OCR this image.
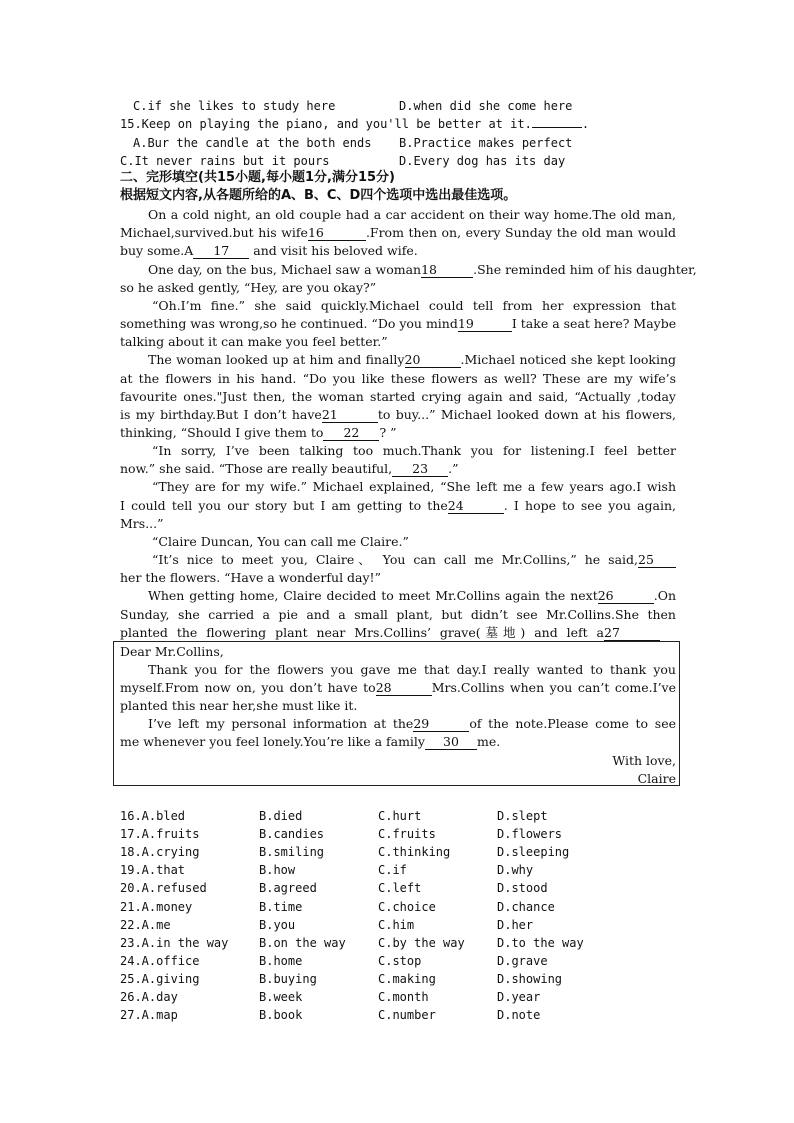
C.if she likes to study here	D.when did she come here
15.Keep on playing the piano, and you'll be better at it.	.
A.Bur the candle at the both ends B.Practice makes perfect
C.It never rains but it pours	D.Every dog has its day
二、完形填空(共15小题,每小题1分,满分15分)
根据短文内容,从各题所给的A、B、C、D四个选项中选出最佳选项。
On a cold night, an old couple had a car accident on their way home.The old man,
Michael,survived.but his wife16	.From then on, every Sunday the old man would
buy some.A 17 and visit his beloved wife.
One day, on the bus, Michael saw a woman18	.She reminded him of his daughter,
so he asked gently, “Hey, are you okay?”
“Oh.I’m fine.” she said quickly.Michael could tell from her expression that
something was wrong,so he continued. “Do you mind19	I take a seat here? Maybe
talking about it can make you feel better.”
The woman looked up at him and finally20	.Michael noticed she kept looking
at the flowers in his hand. “Do you like these flowers as well? These are my wife’s
favourite ones."Just then, the woman started crying again and said, “Actually ,today
is my birthday.But I don’t have21	to buy...” Michael looked down at his flowers,
thinking, “Should I give them to 22 ? ”
“In sorry, I’ve been talking too much.Thank you for listening.I feel better
now.” she said. “Those are really beautiful, 23 .”
“They are for my wife.” Michael explained, “She left me a few years ago.I wish
I could tell you our story but I am getting to the24	. I hope to see you again,
Mrs...”
“Claire Duncan, You can call me Claire.”
“It’s nice to meet you, Claire、 You can call me Mr.Collins,” he said,25
her the flowers. “Have a wonderful day!”
When getting home, Claire decided to meet Mr.Collins again the next26	.On
Sunday, she carried a pie and a small plant, but didn’t see Mr.Collins.She then
planted the flowering plant near Mrs.Collins’ grave(墓地) and left a27
Dear Mr.Collins,
Thank you for the flowers you gave me that day.I really wanted to thank you
myself.From now on, you don’t have to28	Mrs.Collins when you can’t come.I’ve
planted this near her,she must like it.
I’ve left my personal information at the29	of the note.Please come to see
me whenever you feel lonely.You’re like a family 30 me.
With love,
Claire
16.A.bled	B.died	C.hurt	D.slept
17.A.fruits	B.candies	C.fruits	D.flowers
18.A.crying	B.smiling	C.thinking	D.sleeping
19.A.that	B.how	C.if	D.why
20.A.refused	B.agreed	C.left	D.stood
21.A.money	B.time	C.choice	D.chance
22.A.me	B.you	C.him	D.her
23.A.in the way	B.on the way	C.by the way	D.to the way
24.A.office	B.home	C.stop	D.grave
25.A.giving	B.buying	C.making	D.showing
26.A.day	B.week	C.month	D.year
27.A.map	B.book	C.number	D.note
